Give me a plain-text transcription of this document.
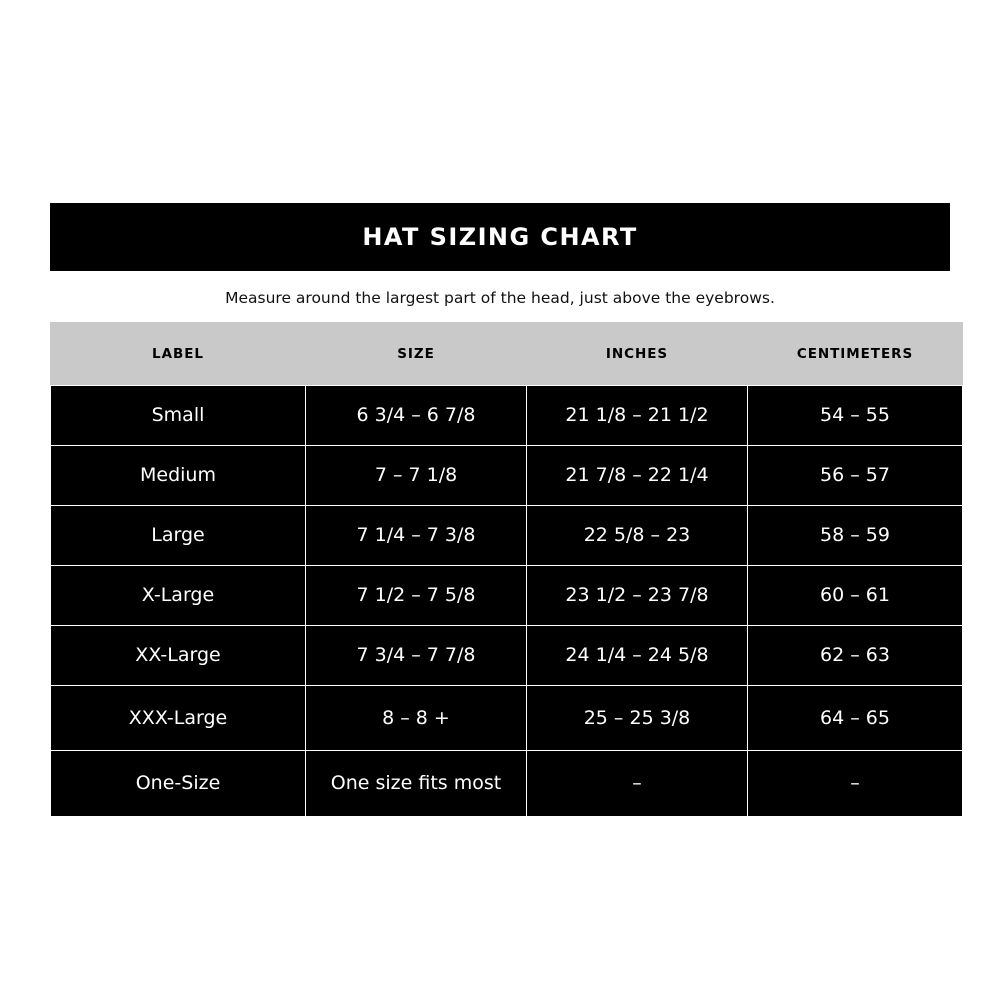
HAT SIZING CHART
Measure around the largest part of the head, just above the eyebrows.
LABEL	SIZE	INCHES	CENTIMETERS
Small	6 3/4 – 6 7/8	21 1/8 – 21 1/2	54 – 55
Medium	7 – 7 1/8	21 7/8 – 22 1/4	56 – 57
Large	7 1/4 – 7 3/8	22 5/8 – 23	58 – 59
X-Large	7 1/2 – 7 5/8	23 1/2 – 23 7/8	60 – 61
XX-Large	7 3/4 – 7 7/8	24 1/4 – 24 5/8	62 – 63
XXX-Large	8 – 8 +	25 – 25 3/8	64 – 65
One-Size	One size fits most	–	–
